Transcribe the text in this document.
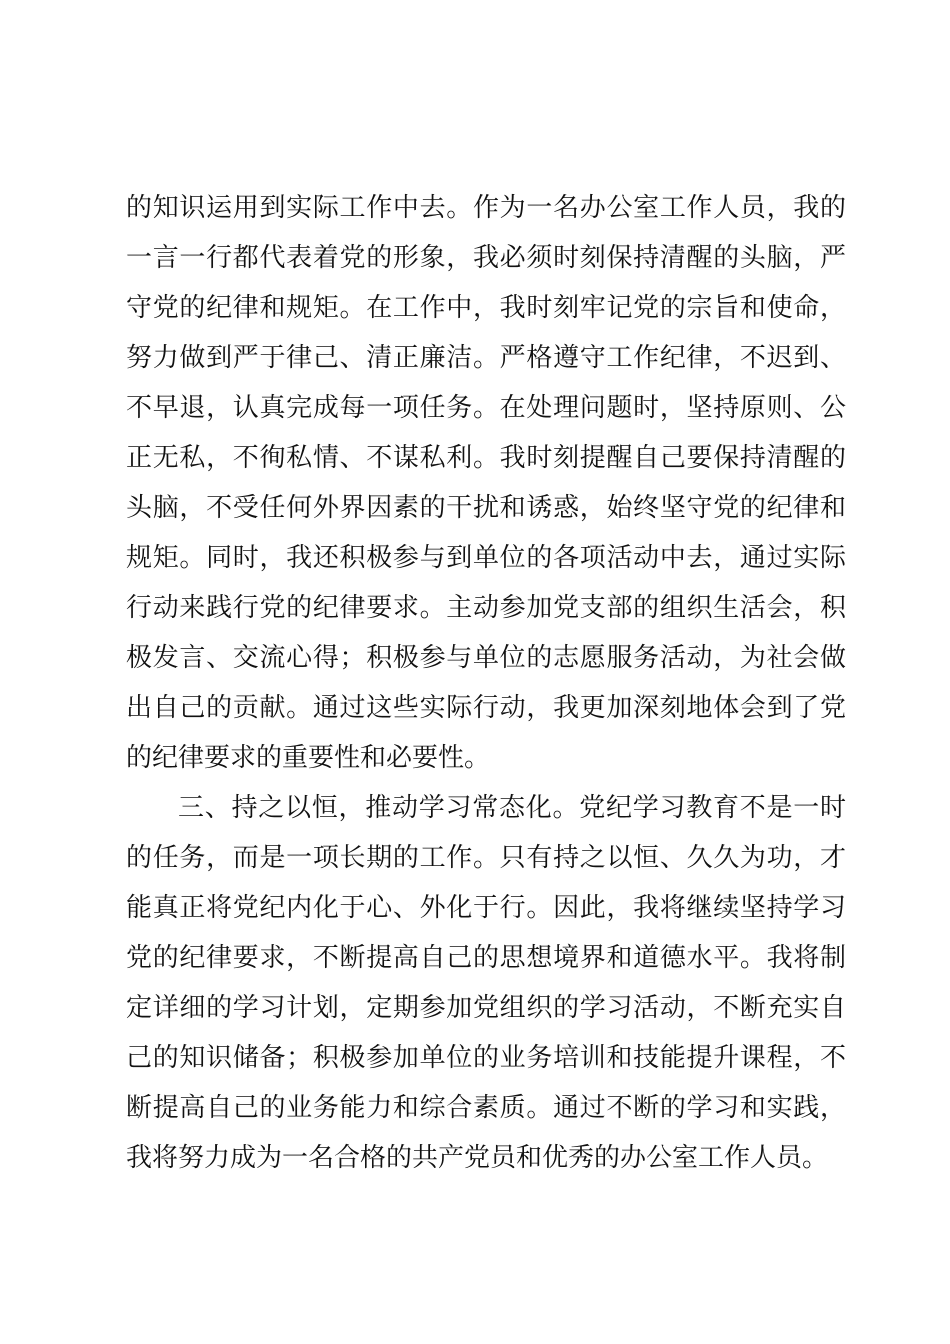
的知识运用到实际工作中去。作为一名办公室工作人员，我的
一言一行都代表着党的形象，我必须时刻保持清醒的头脑，严
守党的纪律和规矩。在工作中，我时刻牢记党的宗旨和使命，
努力做到严于律己、清正廉洁。严格遵守工作纪律，不迟到、
不早退，认真完成每一项任务。在处理问题时，坚持原则、公
正无私，不徇私情、不谋私利。我时刻提醒自己要保持清醒的
头脑，不受任何外界因素的干扰和诱惑，始终坚守党的纪律和
规矩。同时，我还积极参与到单位的各项活动中去，通过实际
行动来践行党的纪律要求。主动参加党支部的组织生活会，积
极发言、交流心得；积极参与单位的志愿服务活动，为社会做
出自己的贡献。通过这些实际行动，我更加深刻地体会到了党
的纪律要求的重要性和必要性。
三、持之以恒，推动学习常态化。党纪学习教育不是一时
的任务，而是一项长期的工作。只有持之以恒、久久为功，才
能真正将党纪内化于心、外化于行。因此，我将继续坚持学习
党的纪律要求，不断提高自己的思想境界和道德水平。我将制
定详细的学习计划，定期参加党组织的学习活动，不断充实自
己的知识储备；积极参加单位的业务培训和技能提升课程，不
断提高自己的业务能力和综合素质。通过不断的学习和实践，
我将努力成为一名合格的共产党员和优秀的办公室工作人员。
